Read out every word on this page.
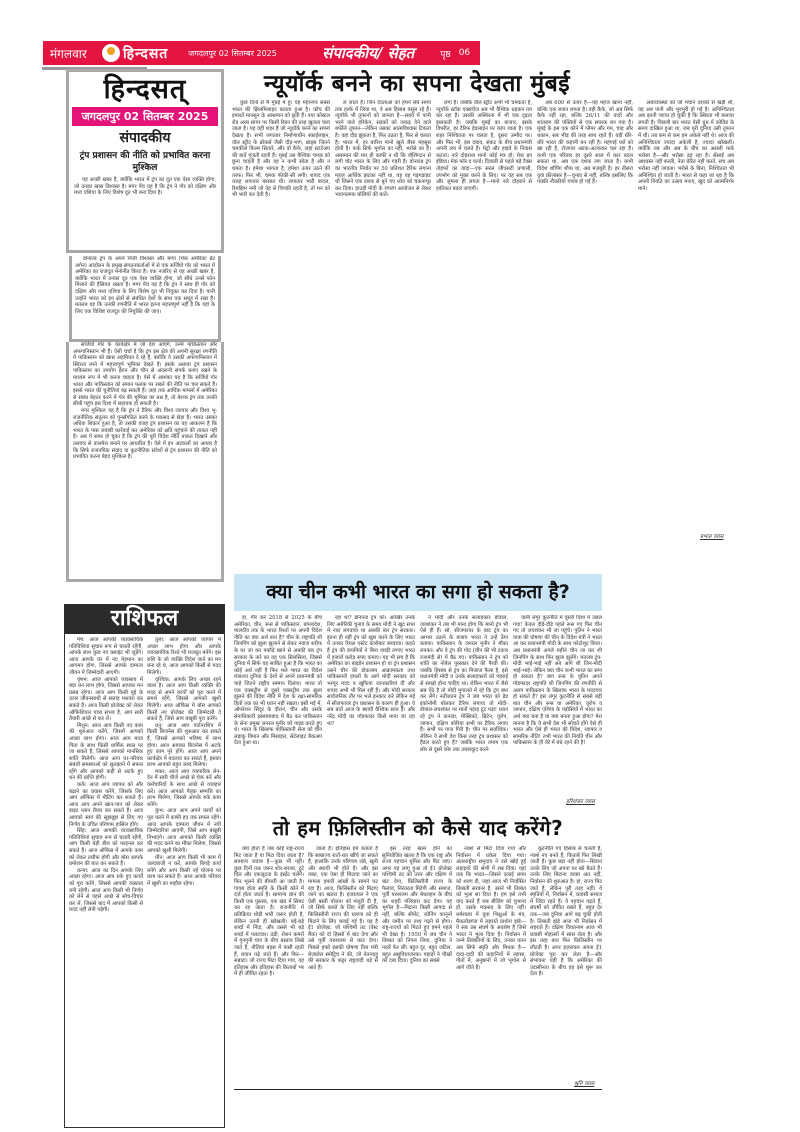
मंगलवार	हिन्दसत	जगदलपुर 02 सितम्बर 2025	संपादकीय/ सेहत	पृष्ठ 06
हिन्दसत्
जगदलपुर 02 सितम्बर 2025
संपादकीय
ट्रंप प्रशासन की नीति को प्रभावित करना मुश्किल

यह अच्छी खबर है, क्योंकि भारत में ट्रंप का दूत एक ऐसा व्यक्ति होगा, जो उनका खास विश्वस्त है। मगर पेंच यह है कि ट्रंप ने गोर को दक्षिण और मध्य एशिया के लिए विशेष दूत भी बना दिया है।

डोनाल्ड ट्रंप के अपने निजी विश्वस्त और मागा (मेक अमेरिका ग्रेट अगेन) आंदोलन के प्रमुख संगठनकर्ताओं में से एक सर्जियो गोर को भारत में अमेरिका का राजदूत मनोनीत किया है। एक नजरिए से यह अच्छी खबर है, क्योंकि भारत में उनका दूत एक ऐसा व्यक्ति होगा, जो सीधे उनसे फोन मिलाने की हैसियत रखता है। मगर पेंच यह है कि ट्रंप ने साथ ही गोर को दक्षिण और मध्य एशिया के लिए विशेष दूत भी नियुक्त कर दिया है। यानी उन्होंने भारत को इन क्षेत्रों से संबंधित देशों के साथ एक समूह में रखा है। मतलब यह कि उनकी रणनीति में भारत इतना महत्त्वपूर्ण नहीं है कि वहां के लिए एक विशिष्ट राजदूत की नियुक्ति की जाए।

सर्जियो गोर के कार्यक्षेत्र में जो देश आएंगे, उनमें पाकिस्तान और अफगानिस्तान भी हैं। ऐसी चर्चा है कि ट्रंप इस क्षेत्र की अपनी सुरक्षा रणनीति में पाकिस्तान को खास अहमियत दे रहे हैं, क्योंकि वे उसकी अफगानिस्तान में स्थिरता लाने में महत्त्वपूर्ण भूमिका देखते हैं। इसके अलावा ट्रंप प्रशासन पाकिस्तान का उपयोग ईरान और चीन से अंदरूनी संपर्क बनाए रखने के माध्यम रूप में भी करना चाहता है। ऐसे में आशंका यह है कि सर्जियो गोर भारत और पाकिस्तान को समान फलक पर रखने की नीति पर चल सकते हैं। इससे भारत की चुनौतियां बढ़ सकती हैं। जहां तक आर्थिक मामलों में अमेरिका से संबंध बेहतर करने में गोर की भूमिका का प्रश्न है, तो बेशक ट्रंप तक उनकी सीधी पहुंच इस दिशा में सहायक हो सकती है।

मगर मुश्किल यह है कि ट्रंप ने टैरिफ और विश्व व्यापार और विश्व भू-राजनीतिक संतुलन को पुनर्संगठित करने के मकसद से छेड़ा है। भारत उसका अधिक शिकार हुआ है, तो उसकी वजह ट्रंप प्रशासन का यह आकलन है कि भारत के पास जवाबी कार्रवाई कर अमेरिका को क्षति पहुंचाने की ताकत नहीं है। अब ये साफ हो चुका है कि ट्रंप की पूरी विदेश नीति ताकत दिखाने और तलवार से तालमेल बनाने पर आधारित है। ऐसे में इन अटकलों का आधार है कि सिर्फ राजनयिक संवाद या कूटनीतिक संदेशों से ट्रंप प्रशासन की नीति को प्रभावित करना बेहद मुश्किल है।

न्यूयॉर्क बनने का सपना देखता मुंबई

कुछ दिनों से मैं मुंबई में हूं। यह महानगर सबसे भारत की झिलमिलाहट बताता हुआ है। कॉच की इमारतें मानसून के आसमान को छूती हैं। नया कोस्टल रोड अरब सागर पर किसी रिबन की तरह खुलता चला जाता है। यह वही शहर है जो न्यूयॉर्क बनने का सपना देखता है। सभी लगातार निर्माणाधीन स्काईलाइन, वॉल स्ट्रीट के ब्रोकर्स जैसी दौड़-भाग, ब्रांड्स जितने चमकीले फिल्म सितारे, और वो कैफे, जहां स्टार्टअप की बातें गूंजती रहती हैं। मुंबई उस वैश्विक चमक को छूना चाहती है और वह न कभी सोता है और न थमता है। हमेशा भागता है, हमेशा ऊपर उठने की तरफ। फिर भी, चमक फीकी-सी लगी। शायद एक वजह लगातार बरसात थी। लगातार भारी बादल, रिमझिम नमी जो देह से चिपकी रहती है, तो मन को भी भारी कर देती है।

ले जाता है। जिन देवताओं को हमने लंबे समय तक हल्के में लिया था, वे अब हिसाब वसूल रहे हैं। न्यूयॉर्क भी तूफानों को जानता है—सबवे में पानी भरने वाले हरिकेन, सड़कों को जकड़ देने वाले बर्फीले तूफान—लेकिन उसका आत्मविश्वास टिकता है। वहां दौड़ झुकता है, फिर उठता है, फिर से चलता है। भारत में, हर बारिश मानो खुले जैसा महसूस होती है। फर्क सिर्फ भूगोल का नहीं, भरोसे का है। आसमान की मार ही काफी न थी कि वॉशिंगटन से लगी चोट भारत के लिए और गहरी है। डोनाल्ड ट्रंप का भारतीय निर्यात पर 50 प्रतिशत टैरिफ लगाना महज आर्थिक झटका नहीं था, यह वह गड़गड़ाहट थी जिसने एक दशक से बुने गए ध्येय को चकनाचूर कर दिया। हाउडी मोदी के रंगारंग आयोजन से लेकर भावनात्मक बोलियों की बातें।

लगा है। जबकि वॉल स्ट्रीट अभी भी चमकता है, न्यूयॉर्क स्टॉक एक्सचेंज अब भी वैश्विक धड़कन तय कर रहा है। उसकी अस्थिरता में भी एक दृढ़ता झलकती है। जबकि मुंबई का बाजार, इसके विपरीत, हर टैरिफ हेडलाइन पर कांप जाता है। एक शहर निश्चितता पर चलता है, दूसरा उम्मीद पर। और फिर भी, इस दबाव, संकट के बीच प्रधानमंत्री अपनी लय में चलते हैं। मेट्रो और हाइवे के निवास कटता। नारे दोहराना मानो कोई मंत्र हो: मेक इन इंडिया। मेक फॉर द वर्ल्ड। दिवाली से पहले बड़े टैक्स तोहफों का वादा—एक सरल जीएसटी प्रणाली, उपभोग को मुक्त करने के लिए। पर यह सब एक और जुमला ही लगता है—मानो नारे दोहराने से हकीकत बदल जाएगी।

अब 600 से ऊपर है—यह महज खाना नहीं, बल्कि एक बयान लगता है। वही कैफे, जो अब सिर्फ कैफे नहीं रहा, बल्कि 26/11 की यादों और शांतराम की पंक्तियों से एक स्मारक बन गया है। मुंबई के इस एक कोने में ग्लैमर और गम, चाह और थकान, सब भीड़ की तरह साथ रहते हैं। यहीं धीरे-धीरे भारत की कहानी बन रही है। महंगाई घरों को खा रही है, रोजगार अटक-अटककर चल रहा है। कभी एक परिवार हर दूसरे साल में कार बदल सकता था, अब एक दशक लग जाता है। कभी विदेश शॉपिंग शौक था, अब मजबूरी है। हर तीसरा युवा फ्रीलांसर है—चुनाव से नहीं, बल्कि इसलिए कि पक्की नौकरियों गायब हो गई हैं।

अर्थव्यवस्था को जो मचान दशकों से खड़ी थी, वह अब पानी और भुरभुरी हो गई है। अनिश्चितता अब इतनी व्याप्त हो चुकी है कि स्थिरता भी छलावा लगती है। पिछली बार भारत ऐसी धुंध में कोविड के समय दाखिल हुआ था, जब पूरी दुनिया उसी तूफान में थी। तब कम से कम हम अकेले नहीं थे। आज की अनिश्चितता ज्यादा अकेली है, ज्यादा खोखली। क्योंकि तब और अब के बीच का असली फर्क भरोसा है—और भरोसा ढह रहा है। सेंसाई अब आश्वस्त नहीं करती, नेता प्रेरित नहीं करते, सच अब भरोसा नहीं जगाता। भरोसे के बिना, निश्चितता भी अनिश्चित हो जाती है। भारत से कहा जा रहा है कि अपनी नियति का उत्सव मनाए, खुद को आत्मनिर्भर माने।

प्रभात व्यास
राशिफल

मेष: आज आपकी व्यावसायिक गतिविधियां सुचारु रूप से चलती रहेंगी, आपके साथ कुछ नए क्लाइंट भी जुड़ेंगे। आज आपके घर में नए मेहमान का आगमन होगा, जिससे आपके दाम्पत्य जीवन में जिम्मेदारी आएगी।

वृषभ: आज आपको व्यवसाय में बड़ा धन लाभ होगा, जिससे आपका मन प्रसन्न रहेगा। आज आप किसी मुद्दे के ऊपर जीवनसाथी से सलाह मशवरा कर सकते हैं। आज किसी प्रोजेक्ट को लेकर ऑफिशियल यात्रा संभव है, आप सारी तैयारी अच्छे से कर लें।

मिथुन: आज आप किसी नए काम की शुरुआत करेंगे, जिसमें आपको अच्छा लाभ होगा। आज आप माता पिता के साथ किसी धार्मिक स्थल पर जा सकते हैं, जिससे आपको मानसिक शांति मिलेगी। आज आप घर-परिवार संबंधी समस्याओं को सुलझाने में सफल रहेंगे और आपको कहीं से अटके हुए धन की प्राप्ति होगी।

कर्क: आज आप व्यापार को और बढ़ाने का प्रयास करेंगे, जिसके लिए आप ऑफिस में मीटिंग कर सकते हैं। आज आप अपने खान-पान को लेकर डाइट प्लान तैयार कर सकते हैं। आज आपको स्वयं की सूझबूझ से लिए गए निर्णय के उचित परिणाम हासिल होंगे।

सिंह: आज आपकी व्यावसायिक गतिविधियां सुचारु रूप से चलती रहेंगी, आप किसी बड़ी डील को फाइनल कर सकते हैं। आज ऑफिस में आपके काम को लेकर तारीफ होगी और बॉस आपके प्रमोशन की बात कर सकते हैं।

कन्या: आज का दिन आपके लिए अच्छा रहेगा। आज आप रुके हुए कार्यों को पूरा करेंगे, जिससे आपकी व्यस्तता बनी रहेगी। आज आप किसी भी निर्णय को लेने से पहले अच्छे से सोच-विचार कर लें, जिससे बाद में आपको किसी से मदद नहीं लेनी पड़ेगी।

तुला: आज आपको व्यापार में अच्छा लाभ होगा और आपके व्यावसायिक रिश्ते भी मजबूत बनेंगे। इस राशि के जो व्यक्ति विदेश जाने का मन बना रहे थे, आज आपको किसी से मदद मिलेगी।

वृश्चिक: आपके लिए अच्छा रहने वाला है। आज आप किसी व्यक्ति की मदद से अपने कार्यों को पूरा करने में समर्थ रहेंगे, जिससे आपको खुशी मिलेगी। आज ऑफिस में बॉस आपको किसी नए प्रोजेक्ट की जिम्मेदारी दे सकते हैं, जिसे आप बखूबी पूरा करेंगे।

धनु: आज आप पार्टनरशिप में किसी बिजनेस की शुरुआत कर सकते हैं, जिससे आपको भविष्य में लाभ होगा। आज आपका बिजनेस में अटके हुए काम पूरे होंगे। आज आप अपने कार्यक्षेत्र में बदलाव कर सकते हैं, इसका लाभ आपको बहुत जल्द मिलेगा।

मकर: आज आप व्यापारिक लेन-देन में सारी चीजें अच्छे से चेक करें और कर्मचारियों के साथ अच्छे से व्यवहार करें। आज आपको पैतृक सम्पत्ति का लाभ मिलेगा, जिससे आपके रुके काम बनेंगे।

कुंभ: आज आप अपने कार्यों को पूरा करने में काफी हद तक सफल रहेंगे। आज आपके दाम्पत्य जीवन में नयी जिम्मेदारियां आएंगी, जिसे आप बखूबी निभाएंगे। आज आपको किसी व्यक्ति की मदद करने का मौका मिलेगा, जिससे आपको खुशी मिलेगी।

मीन: आज आप किसी भी काम में जल्दबाजी न करें, आपके बिगड़े कार्य बनेंगे और आप किसी नई योजना पर काम कर सकते हैं। आज आपके परिवार में खुशी का माहौल रहेगा।

क्या चीन कभी भारत का सगा हो सकता है?

हां, गौर करें 2018 से 2025 के बीच अमेरिका, चीन, रूस से पाकिस्तान, बांग्लादेश, मालदीव तक के भारत रिश्तों पर अपनी विदेश नीति का क्या अर्थ बना है? चीन के राष्ट्रपति शी जिनपिंग को झूला झुलाने से लेकर नवाज शरीफ के घर जा कर पकौड़े खाने से अबकी बार ट्रंप सरकार के नारे का वह एक सिलसिला, जिससे दुनिया में सिर्फ यह साबित हुआ है कि भारत का कोई अर्थ नहीं है फिर भले भारत का विदेश मंत्रालय दुनिया के देशों से अपने प्रधानमंत्री को चाहे जितने राष्ट्रीय सम्मान दिलाए। भारत तो एक एक्सट्रीम से दूसरे एक्सट्रीम तक झूला झूलने की विदेश नीति में देश के रक्षा-सामरिक हितों तक का भी ध्यान नहीं रखता। इसी मई में, ऑपरेशन सिंदूर के दौरान, चीन और उसके सेनाधिकारी इस्लामाबाद में बैठ कर पाकिस्तान के सेना प्रमुख जनरल मुनीर को गाइड करते हुए थे। भारत के खिलाफ पाकिस्तानी सेना को चीन लड़ाकू विमान और मिसाइल, सेटेलाइट बैकअप देता हुआ था।

रहा था? डोनाल्ड ट्रंप को। आखिर उनके लिए अमेरिकी चुनाव के समय मोदी ने खुद सभा में नारा लगवाया था अबकी बार ट्रंप सरकार। इतना ही नहीं ट्रंप को खुश करने के लिए भारत में उनका रियल एस्टेट कारोबार बनवाया। कहते हैं ट्रंप की कंपनियों ने बिना दमड़ी लगाए भारत में हजारों करोड़ रुपए कमाए। यह भी सच है कि अमेरिका का बाइडेन प्रशासन हो या ट्रंप प्रशासन उसने चीन की डोकलाम आक्रामकता तथा पाकिस्तानी हमलों के आगे मोदी सरकार को भरपूर मदद व खुफिया जानकारियां दीं और शायद अभी भी मिल रही हैं। और मोदी सरकार सार्वजनिक तौर पर भले इनकार करे लेकिन मई में सीजफायर ट्रंप प्रशासन के कारण ही हुआ। ये सब बातें आज के स्थायी वैश्विक सत्य हैं। और नरेंद्र मोदी का गॉडफादर किसे माना जा रहा था?

ने मोदी और उनके सलाहकार डोवाल, जयशंकर ने तब भी माना होगा कि मानो ट्रंप भी ऐसे ही हैं। सो, सीजफायर के बाद ट्रंप का आभार उठाने के बजाय भारत ने उन्हें ठेंगा बताया। पाकिस्तान के जनरल मुनीर ने मौका लपका। और वे ट्रंप की गोद (चीन की भी टकार रजामंदी से) में बैठ गए। पाकिस्तान ने ट्रंप को शांति का नोबेल पुरस्कार देने की पैरवी की। जबकि हिसाब से ट्रंप का मिजाज फैला है, इसे प्रधानमंत्री मोदी व उनके सलाहकारों को गहराई से समझे होना चाहिए था। लेकिन भारत में जैसे सब ऐंठे है तो मोदी मुगालते में रहे कि ट्रंप क्या कर लेंगे। नतीजतन ट्रंप ने जब भारत को डेड इकोनॉमी बोलकर टैरिफ लगाया तो मोदी-डोवाल-जयशंकर पर मानों पहाड़ टूट पड़ा! ध्यान रहे ट्रंप ने कनाडा, मेक्सिको, ब्रिटेन, यूरोप, जापान, दक्षिण कोरिया सभी पर टैरिफ लगाए हैं। सभी पर गाज गिरी है। चीन पर सर्वाधिक। लेकिन ये सभी देश किस तरह ट्रंप प्रशासन को हैंडल करते हुए हैं? जबकि भारत तमाम एक छोर से दूसरे छोर तक उछलकूद करने

वाली लंगूर कूटनीति में दूसरी दिशा में उछल गया! केवल दौड़े-दौड़े पहले रूस गए फिर चीन गए तो जयशंकर भी जा पहुंचे। पुतिन ने भारत यात्रा की घोषणा की चीन के विदेश मंत्री ने भारत आ कर प्रधानमंत्री मोदी के साथ फोटोशूट किया। अब प्रधानमंत्री अगले महीने चीन जा कर शी जिनपिंग के साथ फिर झूला झूलेंगे। मतलब ट्रंप-मोदी भाई-भाई नहीं अब आगे शी जिन-मोदी भाई-भाई। लेकिन क्या चीन कभी भारत का सगा हो सकता है? क्या रूस के पुतिन अपने गॉडफादर राष्ट्रपति शी जिनपिंग की रणनीति से अलग पाकिस्तान के खिलाफ भारत के मददगार हो सकते हैं? इस लंगूर कूटनीति से सबसे बड़ी बात चीन और रूस या अमेरिका, यूरोप व जापान, दक्षिण एशिया के पड़ोसियों में भारत का अर्थ क्या बना है या क्या बनता हुआ होगा? मेरा मानना है कि ये सभी देश भी सोचते होंगे ऐसे ही भारत और ऐसे ही भारत की विदेश, व्यापार व सामरिक नीति! तभी भारत की नियति चीन और पाकिस्तान के ही घेरे में बंधे रहने की है!

हरिशंकर व्यास
तो हम फ़िलिस्तीन को कैसे याद करेंगे?

क्या होता है जब कोई राष्ट्र-राज्य मिट जाता है या मिटा दिया जाता है? सामान्य जवाब है—कुछ भी नहीं। कुछ दिनों तक जरूर शोर-शराबा, टूटे दिल और एकजुटता के इंस्टेंट चलेंगे। फिर भूलने की बीमारी आ जाती है। गायब होता स्मृति के किसी कोने में दर्ज होता जाता है। सामान्य ज्ञान की किसी एक पुस्तक, एक खंड में सिमट कर रह जाता है। राजनीति में प्रतिक्रिया थोड़ी भारी जरूर होती है, लेकिन उतनी ही खोखली। बड़े-बड़े शब्दों में निंदा, और उससे भी बड़े शब्दों में पलटवार। ठंडी, रोशन कमरों में गुनगुनी चाय के बीच प्रस्ताव लिखे जाते हैं, नीतियां बहस में फंसी रहती हैं, बयान पढ़े जाते हैं। और फिर—सन्नाटा। जो राज्य मिटा दिया गया, वह इतिहास और इतिहास की किताबों भर में ही जीवित रहता है।

जाता है। इतिहास हमें बताता है कि साम्राज्य रातों-रात खींचे जा सकते हैं, हालांकि उनके परिणाम लंबे, खूनी और स्थायी भी होते हैं। और इस वक्त, एक ऐसा ही मिटाया जाने का मामला हमारी आंखों के सामने घट रहा है। आज, फ़िलिस्तीन को मिटाए जाने का खतरा है। इजरायल ने एक ऐसी बस्ती योजना को मंजूरी दी है, जो सिर्फ कब्जे के लिए नहीं बल्कि फ़िलिस्तीनी राज्य की धारणा को ही मिटाने के लिए बनाई गई है। यह है ई1 प्रोजेक्ट, जो पश्चिमी तट (वेस्ट बैंक) को दो हिस्सों में बांट देगा और उसे पूर्वी यरुशलम से काट देगा। पिछले हफ्ते इसकी घोषणा वित्त मंत्री बेज़ालेल स्मोट्रिच ने की, जो नेतन्याहू की सरकार के कट्टर राष्ट्रवादी धड़े से आते हैं।

इस तरह खत्म होने का सुनियोजित खतरा है कि एक राष्ट्र और राज्य पहचान धूमिल और मिट जाए। अगर यह लागू हुआ तो ई1 प्रोजेक्ट पश्चिमी तट को उत्तर और दक्षिण में बांट देगा, फ़िलिस्तीनी राज्य के फैलाव, निरंतरता मिटेगी और समाज, पूर्वी यरुशलम और बेथलहम के बीच का शहरी गलियारा कट देगा। यह भूगोल है—मिटाना किसी आपदा से नहीं, बल्कि सीमेंट, जोनिंग कानूनों और जमीन पर तथ्य गढ़ने से होगा। राष्ट्र-राज्यों को मिटते हुए हमने पहले भी देखा है। 1950 में जब चीन ने तिब्बत को निगल लिया, दुनिया ने नज़रें फेर लीं। बहुत दूर, बहुत जटिल, बहुत असुविधाजनक। पहाड़ों ने चीखों को दबा दिया। दुनिया का सबसे

नक्शे से मिटा दिया गया और निर्वासन में धकेल दिया गया। अंतरराष्ट्रीय समुदाय ने उसे खोई हुई लड़ाइयों की श्रेणी में रख दिया। यहां तक कि भारत—जिसने दलाई लामा को शरण दी, जहां आज भी निर्वासित तिब्बती सरकार है, उसने भी तिब्बत को भुला सा दिया है। हम इसे तभी याद करते हैं जब बीजिंग को चुभाना हो, उसके मकसद के लिए नहीं। धर्मशाला में युवा भिक्षुओं के मंत्र, मैकलोडगंज में लहराते प्रार्थना झंडे—ये सब उस संघर्ष के अवशेष हैं जिसे भारत ने भुला दिया है। निर्वासन में जन्मे तिब्बतियों के लिए, उनका वतन अब सिर्फ स्मृति और मिथक है—दादा-दादी की कहानियों में ल्हासा, गीतों में, अनुष्ठानों में जो भूगोल से आगे जीते हैं।

कूटनीति गए हिसाब से चलती है, नक्शे नए बनते हैं, किताबें फिर लिखी जाती हैं। कुछ बड़ा नहीं होता—सिवाय उनके लिए जो अपना घर खो बैठते हैं। उनके लिए मिटाना वाक्य अंत नहीं, निर्वासन की शुरुआत है। हां, राज्य मिट जाते हैं, लेकिन पूरी तरह नहीं। वे स्मृतियों में, निर्वासन में, प्रवासी समाज में जिंदा रहते हैं। वे पहचान गढ़ते हैं, संघर्षों को जीवित रखते हैं, बहुत देर तक—जब दुनिया आगे बढ़ चुकी होती है। तिब्बती झंडे आज भी निर्वासन में लहराते हैं। दक्षिण वियतनाम आज भी प्रवासी मोहल्लों में सांस लेता है। और इस तरह बात फिर फ़िलिस्तीन पर लौटती है। अगर इज़रायल अपना ई1 प्रोजेक्ट पूरा कर लेता है—और संभावना यही है कि अमेरिका की उदासीनता के बीच वह इसे शुरू कर देता है।

श्रुति व्यास
